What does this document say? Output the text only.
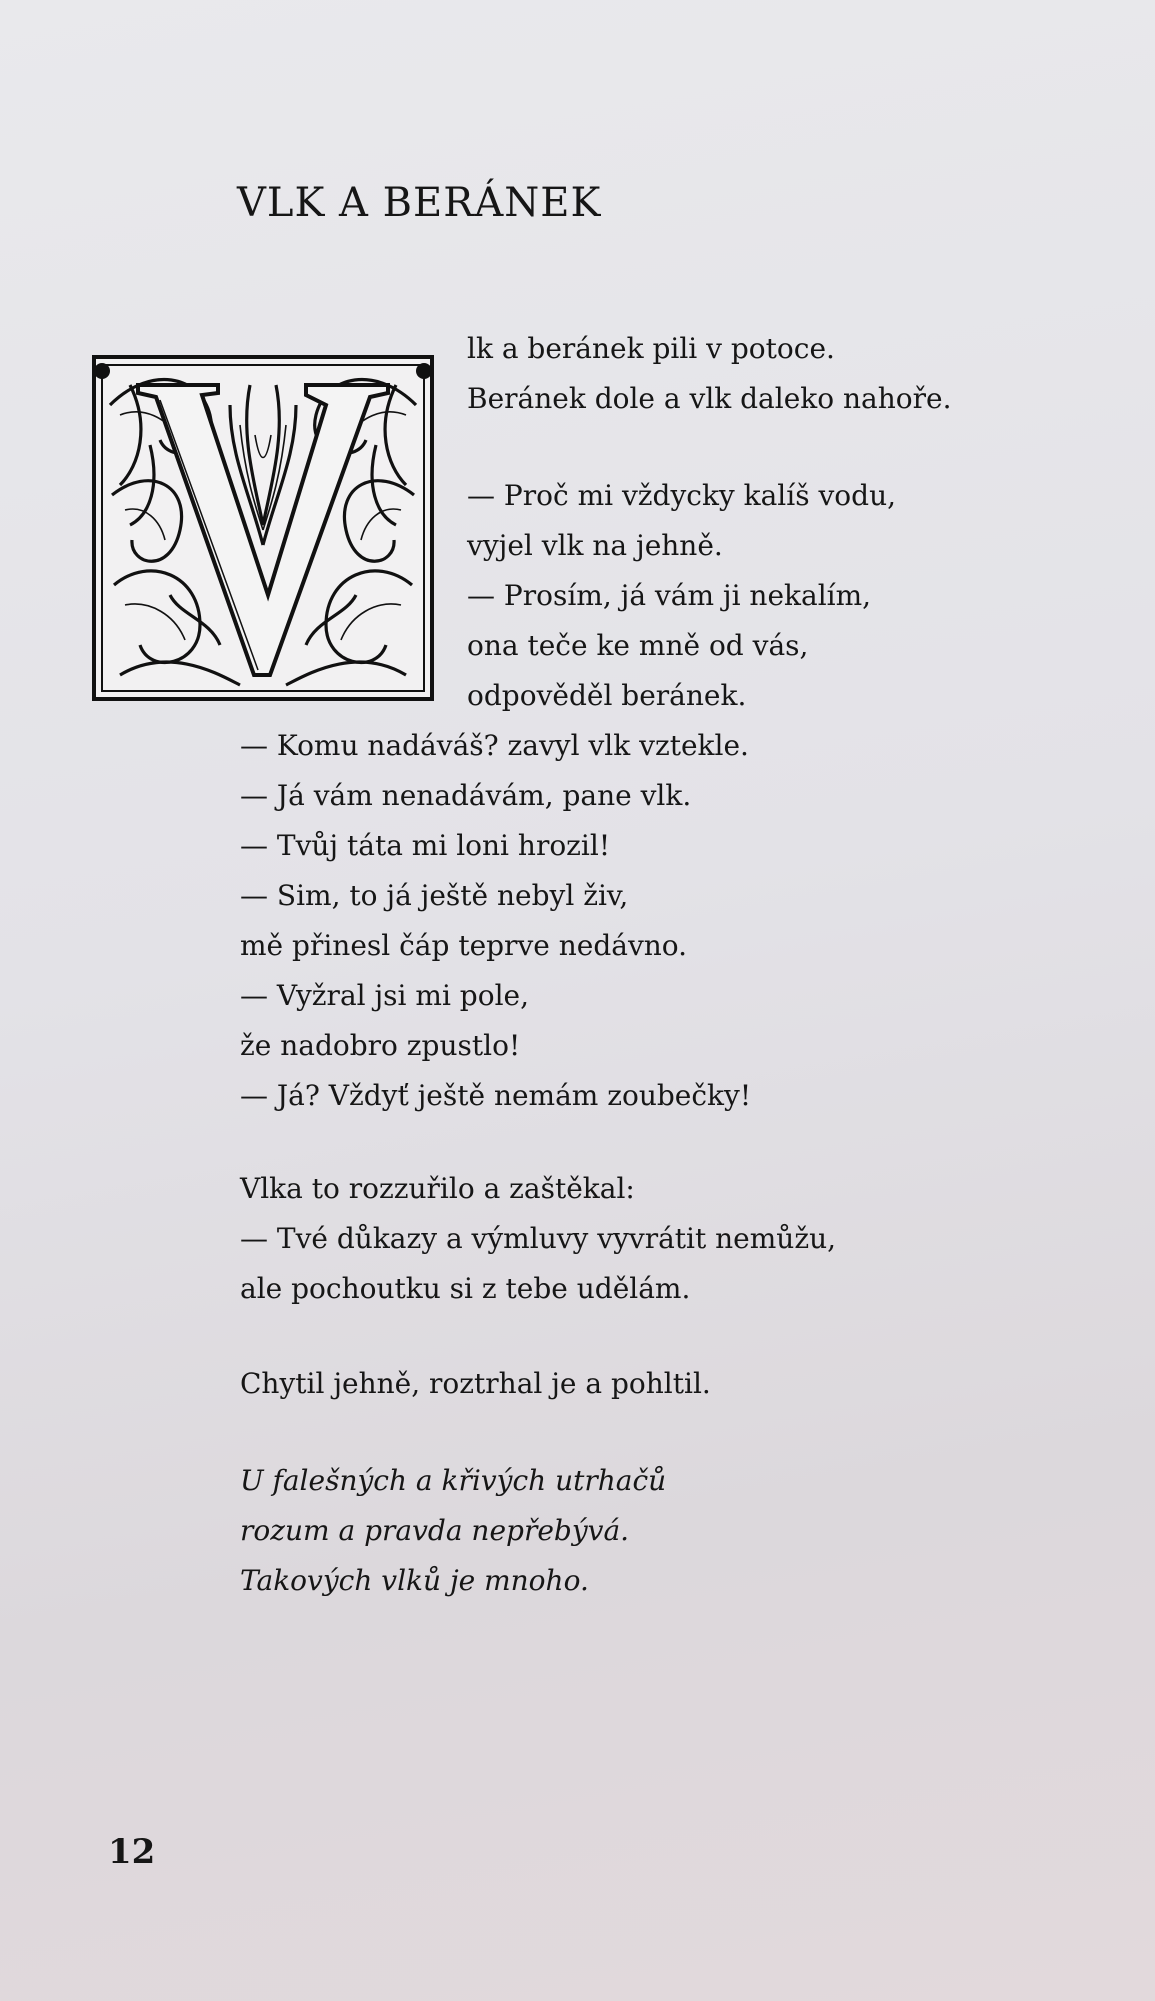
VLK A BERÁNEK
V	lk a beránek pili v potoce.
Beránek dole a vlk daleko nahoře.
— Proč mi vždycky kalíš vodu,
vyjel vlk na jehně.
— Prosím, já vám ji nekalím,
ona teče ke mně od vás,
odpověděl beránek.
— Komu nadáváš? zavyl vlk vztekle.
— Já vám nenadávám, pane vlk.
— Tvůj táta mi loni hrozil!
— Sim, to já ještě nebyl živ,
mě přinesl čáp teprve nedávno.
— Vyžral jsi mi pole,
že nadobro zpustlo!
— Já? Vždyť ještě nemám zoubečky!
Vlka to rozzuřilo a zaštěkal:
— Tvé důkazy a výmluvy vyvrátit nemůžu,
ale pochoutku si z tebe udělám.
Chytil jehně, roztrhal je a pohltil.
U falešných a křivých utrhačů
rozum a pravda nepřebývá.
Takových vlků je mnoho.
12
